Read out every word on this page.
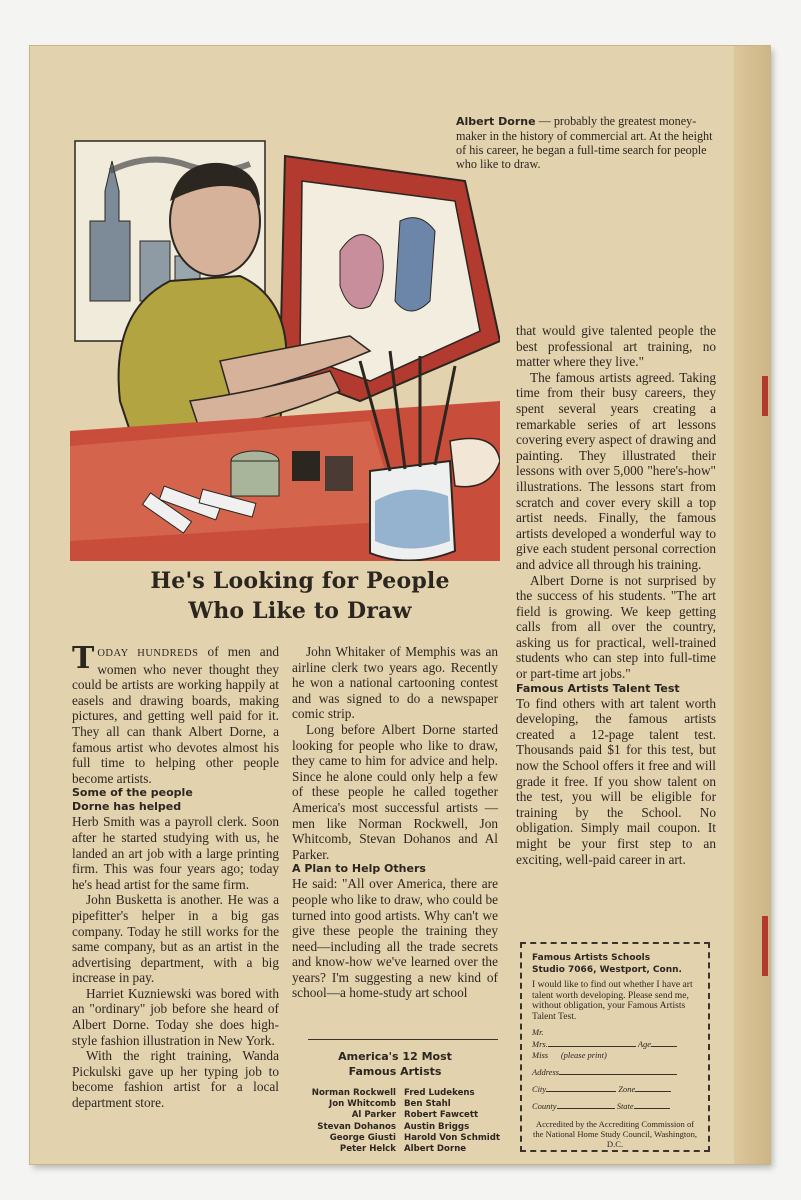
Albert Dorne — probably the greatest money-maker in the history of commercial art. At the height of his career, he began a full-time search for people who like to draw.
He's Looking for People
Who Like to Draw

TODAY HUNDREDS of men and women who never thought they could be artists are working happily at easels and drawing boards, making pictures, and getting well paid for it. They all can thank Albert Dorne, a famous artist who devotes almost his full time to helping other people become artists.

Some of the people
Dorne has helped

Herb Smith was a payroll clerk. Soon after he started studying with us, he landed an art job with a large printing firm. This was four years ago; today he's head artist for the same firm.

John Busketta is another. He was a pipefitter's helper in a big gas company. Today he still works for the same company, but as an artist in the advertising department, with a big increase in pay.

Harriet Kuzniewski was bored with an "ordinary" job before she heard of Albert Dorne. Today she does high-style fashion illustration in New York.

With the right training, Wanda Pickulski gave up her typing job to become fashion artist for a local department store.

John Whitaker of Memphis was an airline clerk two years ago. Recently he won a national cartooning contest and was signed to do a newspaper comic strip.

Long before Albert Dorne started looking for people who like to draw, they came to him for advice and help. Since he alone could only help a few of these people he called together America's most successful artists —men like Norman Rockwell, Jon Whitcomb, Stevan Dohanos and Al Parker.

A Plan to Help Others

He said: "All over America, there are people who like to draw, who could be turned into good artists. Why can't we give these people the training they need—including all the trade secrets and know-how we've learned over the years? I'm suggesting a new kind of school—a home-study art school

that would give talented people the best professional art training, no matter where they live."

The famous artists agreed. Taking time from their busy careers, they spent several years creating a remarkable series of art lessons covering every aspect of drawing and painting. They illustrated their lessons with over 5,000 "here's-how" illustrations. The lessons start from scratch and cover every skill a top artist needs. Finally, the famous artists developed a wonderful way to give each student personal correction and advice all through his training.

Albert Dorne is not surprised by the success of his students. "The art field is growing. We keep getting calls from all over the country, asking us for practical, well-trained students who can step into full-time or part-time art jobs."

Famous Artists Talent Test

To find others with art talent worth developing, the famous artists created a 12-page talent test. Thousands paid $1 for this test, but now the School offers it free and will grade it free. If you show talent on the test, you will be eligible for training by the School. No obligation. Simply mail coupon. It might be your first step to an exciting, well-paid career in art.

America's 12 Most
Famous Artists
Norman Rockwell Fred Ludekens
Jon Whitcomb Ben Stahl
Al Parker Robert Fawcett
Stevan Dohanos Austin Briggs
George Giusti Harold Von Schmidt
Peter Helck Albert Dorne
Famous Artists Schools
Studio 7066, Westport, Conn.
I would like to find out whether I have art talent worth developing. Please send me, without obligation, your Famous Artists Talent Test.
Mr.
Mrs.	Age
Miss (please print)
Address
City	Zone
County	State
Accredited by the Accrediting Commission of the National Home Study Council, Washington, D.C.
